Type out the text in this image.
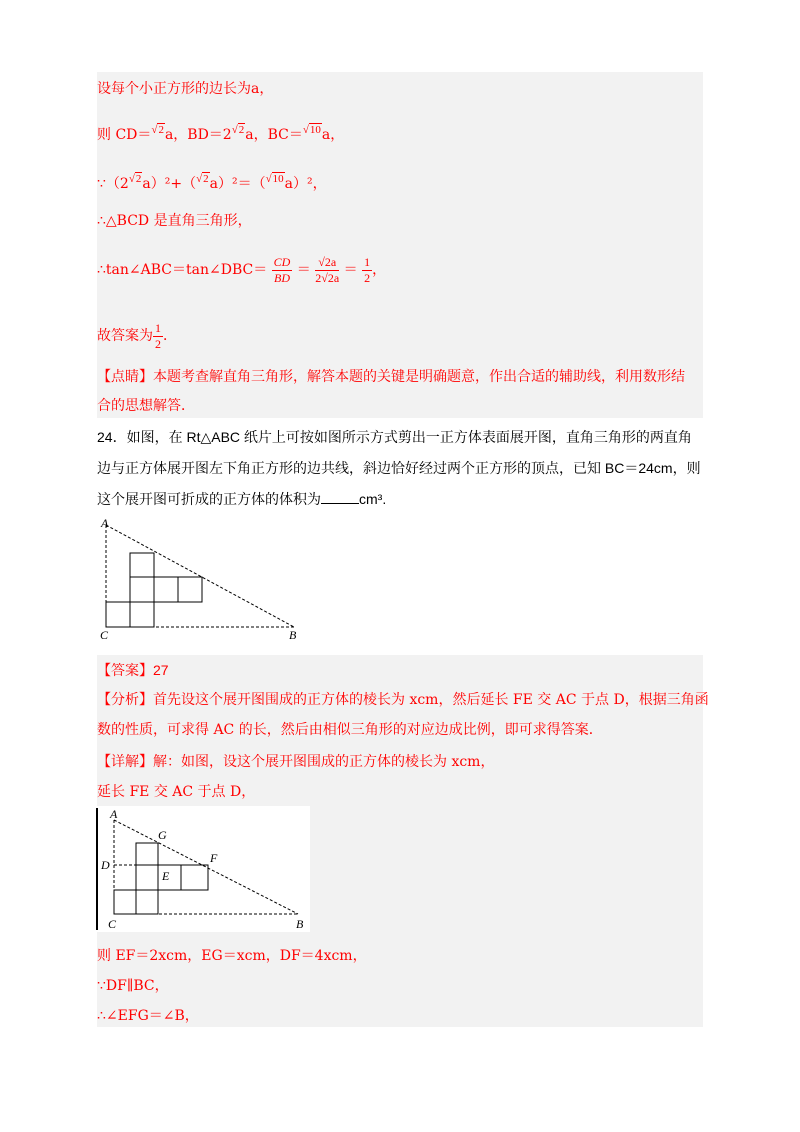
设每个小正方形的边长为a，
则 CD＝√2a，BD＝2√2a，BC＝√10a，
∵（2√2a）²+（√2a）²＝（√10a）²，
∴△BCD 是直角三角形，
∴tan∠ABC＝tan∠DBC＝ $\frac{CD}{BD} = \frac{√2a}{2√2a} = \frac{1}{2}$ ，
故答案为 $\frac{1}{2}$ ．
【点睛】本题考查解直角三角形，解答本题的关键是明确题意，作出合适的辅助线，利用数形结
合的思想解答．
24．如图，在 Rt△ABC 纸片上可按如图所示方式剪出一正方体表面展开图，直角三角形的两直角
边与正方体展开图左下角正方形的边共线，斜边恰好经过两个正方形的顶点，已知 BC＝24cm，则
这个展开图可折成的正方体的体积为	cm³.
A
C	B
【答案】27
【分析】首先设这个展开图围成的正方体的棱长为 xcm，然后延长 FE 交 AC 于点 D，根据三角函
数的性质，可求得 AC 的长，然后由相似三角形的对应边成比例，即可求得答案．
【详解】解：如图，设这个展开图围成的正方体的棱长为 xcm，
延长 FE 交 AC 于点 D，
A
G
F
D
E
C	B
则 EF＝2xcm，EG＝xcm，DF＝4xcm，
∵DF∥BC，
∴∠EFG＝∠B，
